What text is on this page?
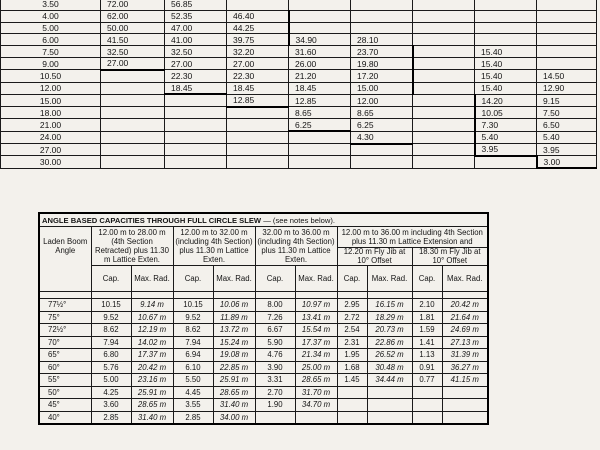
3.50	72.00	56.85						
4.00	62.00	52.35	46.40					
5.00	50.00	47.00	44.25					
6.00	41.50	41.00	39.75	34.90	28.10			
7.50	32.50	32.50	32.20	31.60	23.70		15.40	
9.00	27.00	27.00	27.00	26.00	19.80		15.40	
10.50		22.30	22.30	21.20	17.20		15.40	14.50
12.00		18.45	18.45	18.45	15.00		15.40	12.90
15.00			12.85	12.85	12.00		14.20	9.15
18.00				8.65	8.65		10.05	7.50
21.00				6.25	6.25		7.30	6.50
24.00					4.30		5.40	5.40
27.00							3.95	3.95
30.00								3.00
ANGLE BASED CAPACITIES THROUGH FULL CIRCLE SLEW — (see notes below).										
Laden Boom Angle	12.00 m to 28.00 m (4th Section Retracted) plus 11.30 m Lattice Exten.		12.00 m to 32.00 m (including 4th Section) plus 11.30 m Lattice Exten.		32.00 m to 36.00 m (including 4th Section) plus 11.30 m Lattice Exten.		12.00 m to 36.00 m including 4th Section plus 11.30 m Lattice Extension and			
							12.20 m Fly Jib at 10° Offset		18.30 m Fly Jib at 10° Offset	
	Cap.	Max. Rad.	Cap.	Max. Rad.	Cap.	Max. Rad.	Cap.	Max. Rad.	Cap.	Max. Rad.

77½°	10.15	9.14 m	10.15	10.06 m	8.00	10.97 m	2.95	16.15 m	2.10	20.42 m
75°	9.52	10.67 m	9.52	11.89 m	7.26	13.41 m	2.72	18.29 m	1.81	21.64 m
72½°	8.62	12.19 m	8.62	13.72 m	6.67	15.54 m	2.54	20.73 m	1.59	24.69 m
70°	7.94	14.02 m	7.94	15.24 m	5.90	17.37 m	2.31	22.86 m	1.41	27.13 m
65°	6.80	17.37 m	6.94	19.08 m	4.76	21.34 m	1.95	26.52 m	1.13	31.39 m
60°	5.76	20.42 m	6.10	22.85 m	3.90	25.00 m	1.68	30.48 m	0.91	36.27 m
55°	5.00	23.16 m	5.50	25.91 m	3.31	28.65 m	1.45	34.44 m	0.77	41.15 m
50°	4.25	25.91 m	4.45	28.65 m	2.70	31.70 m				
45°	3.60	28.65 m	3.55	31.40 m	1.90	34.70 m				
40°	2.85	31.40 m	2.85	34.00 m						
